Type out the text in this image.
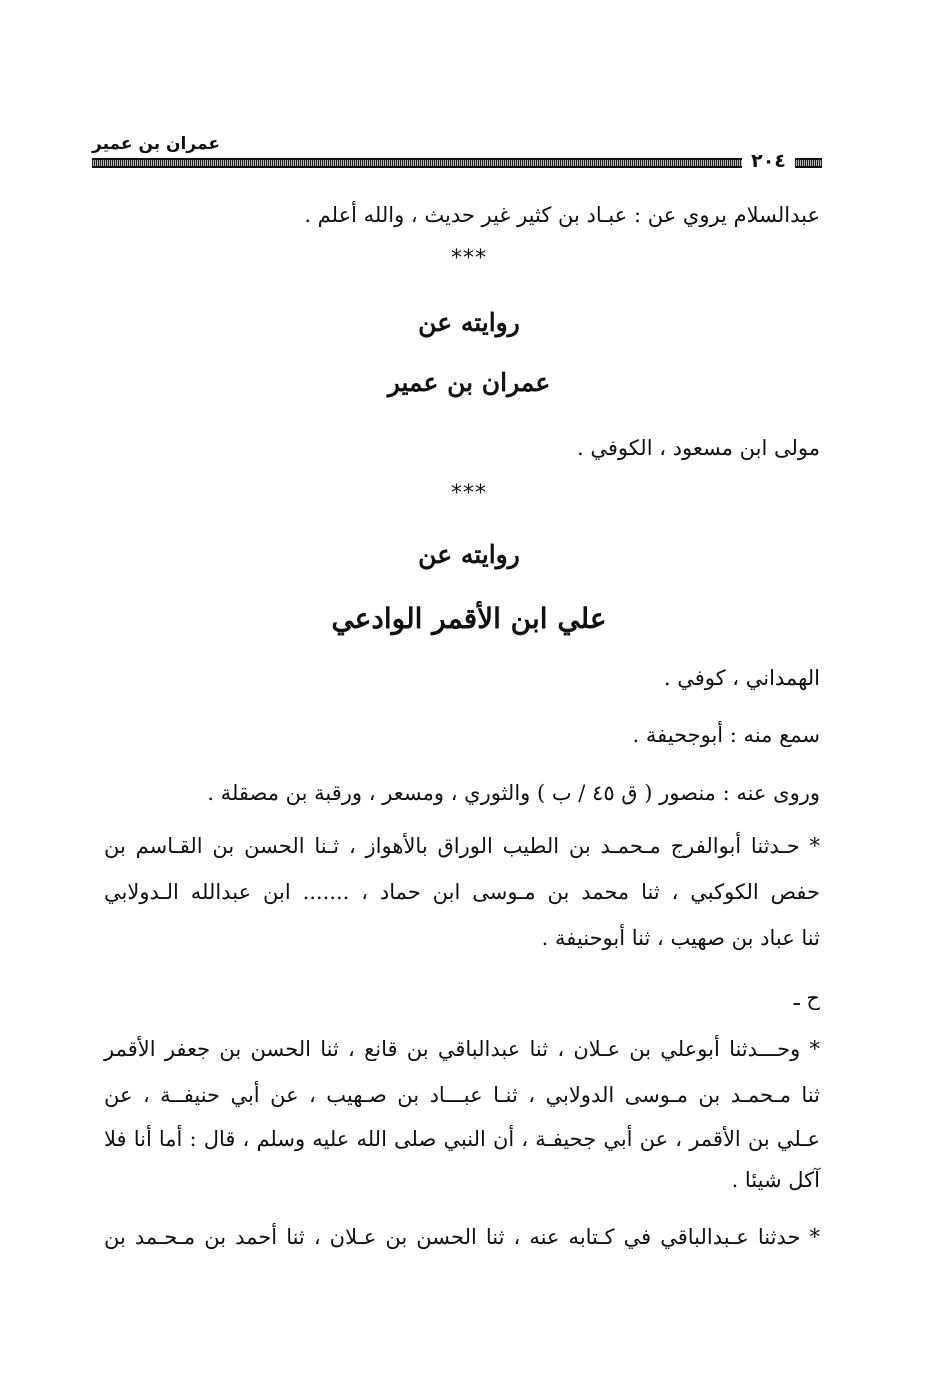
عمران بن عمير
٢٠٤
عبدالسلام يروي عن : عبـاد بن كثير غير حديث ، والله أعلم .
***
روايته عن
عمران بن عمير
مولى ابن مسعود ، الكوفي .
***
روايته عن
علي ابن الأقمر الوادعي
الهمداني ، كوفي .
سمع منه : أبوجحيفة .
وروى عنه : منصور ( ق ٤٥ / ب ) والثوري ، ومسعر ، ورقبة بن مصقلة .
* حـدثنا أبوالفرج مـحمـد بن الطيب الوراق بالأهواز ، ثـنا الحسن بن القـاسم بن
حفص الكوكبي ، ثنا محمد بن مـوسى ابن حماد ، ....... ابن عبدالله الـدولابي
ثنا عباد بن صهيب ، ثنا أبوحنيفة .
ح ـ
* وحـــدثنا أبوعلي بن عـلان ، ثنا عبدالباقي بن قانع ، ثنا الحسن بن جعفر الأقمر
ثنا مـحمـد بن مـوسى الدولابي ، ثنـا عبـــاد بن صـهيب ، عن أبي حنيفــة ، عن
عـلي بن الأقمر ، عن أبي جحيفـة ، أن النبي صلى الله عليه وسلم ، قال : أما أنا فلا
آكل شيئا .
* حدثنا عـبدالباقي في كـتابه عنه ، ثنا الحسن بن عـلان ، ثنا أحمد بن مـحـمد بن
